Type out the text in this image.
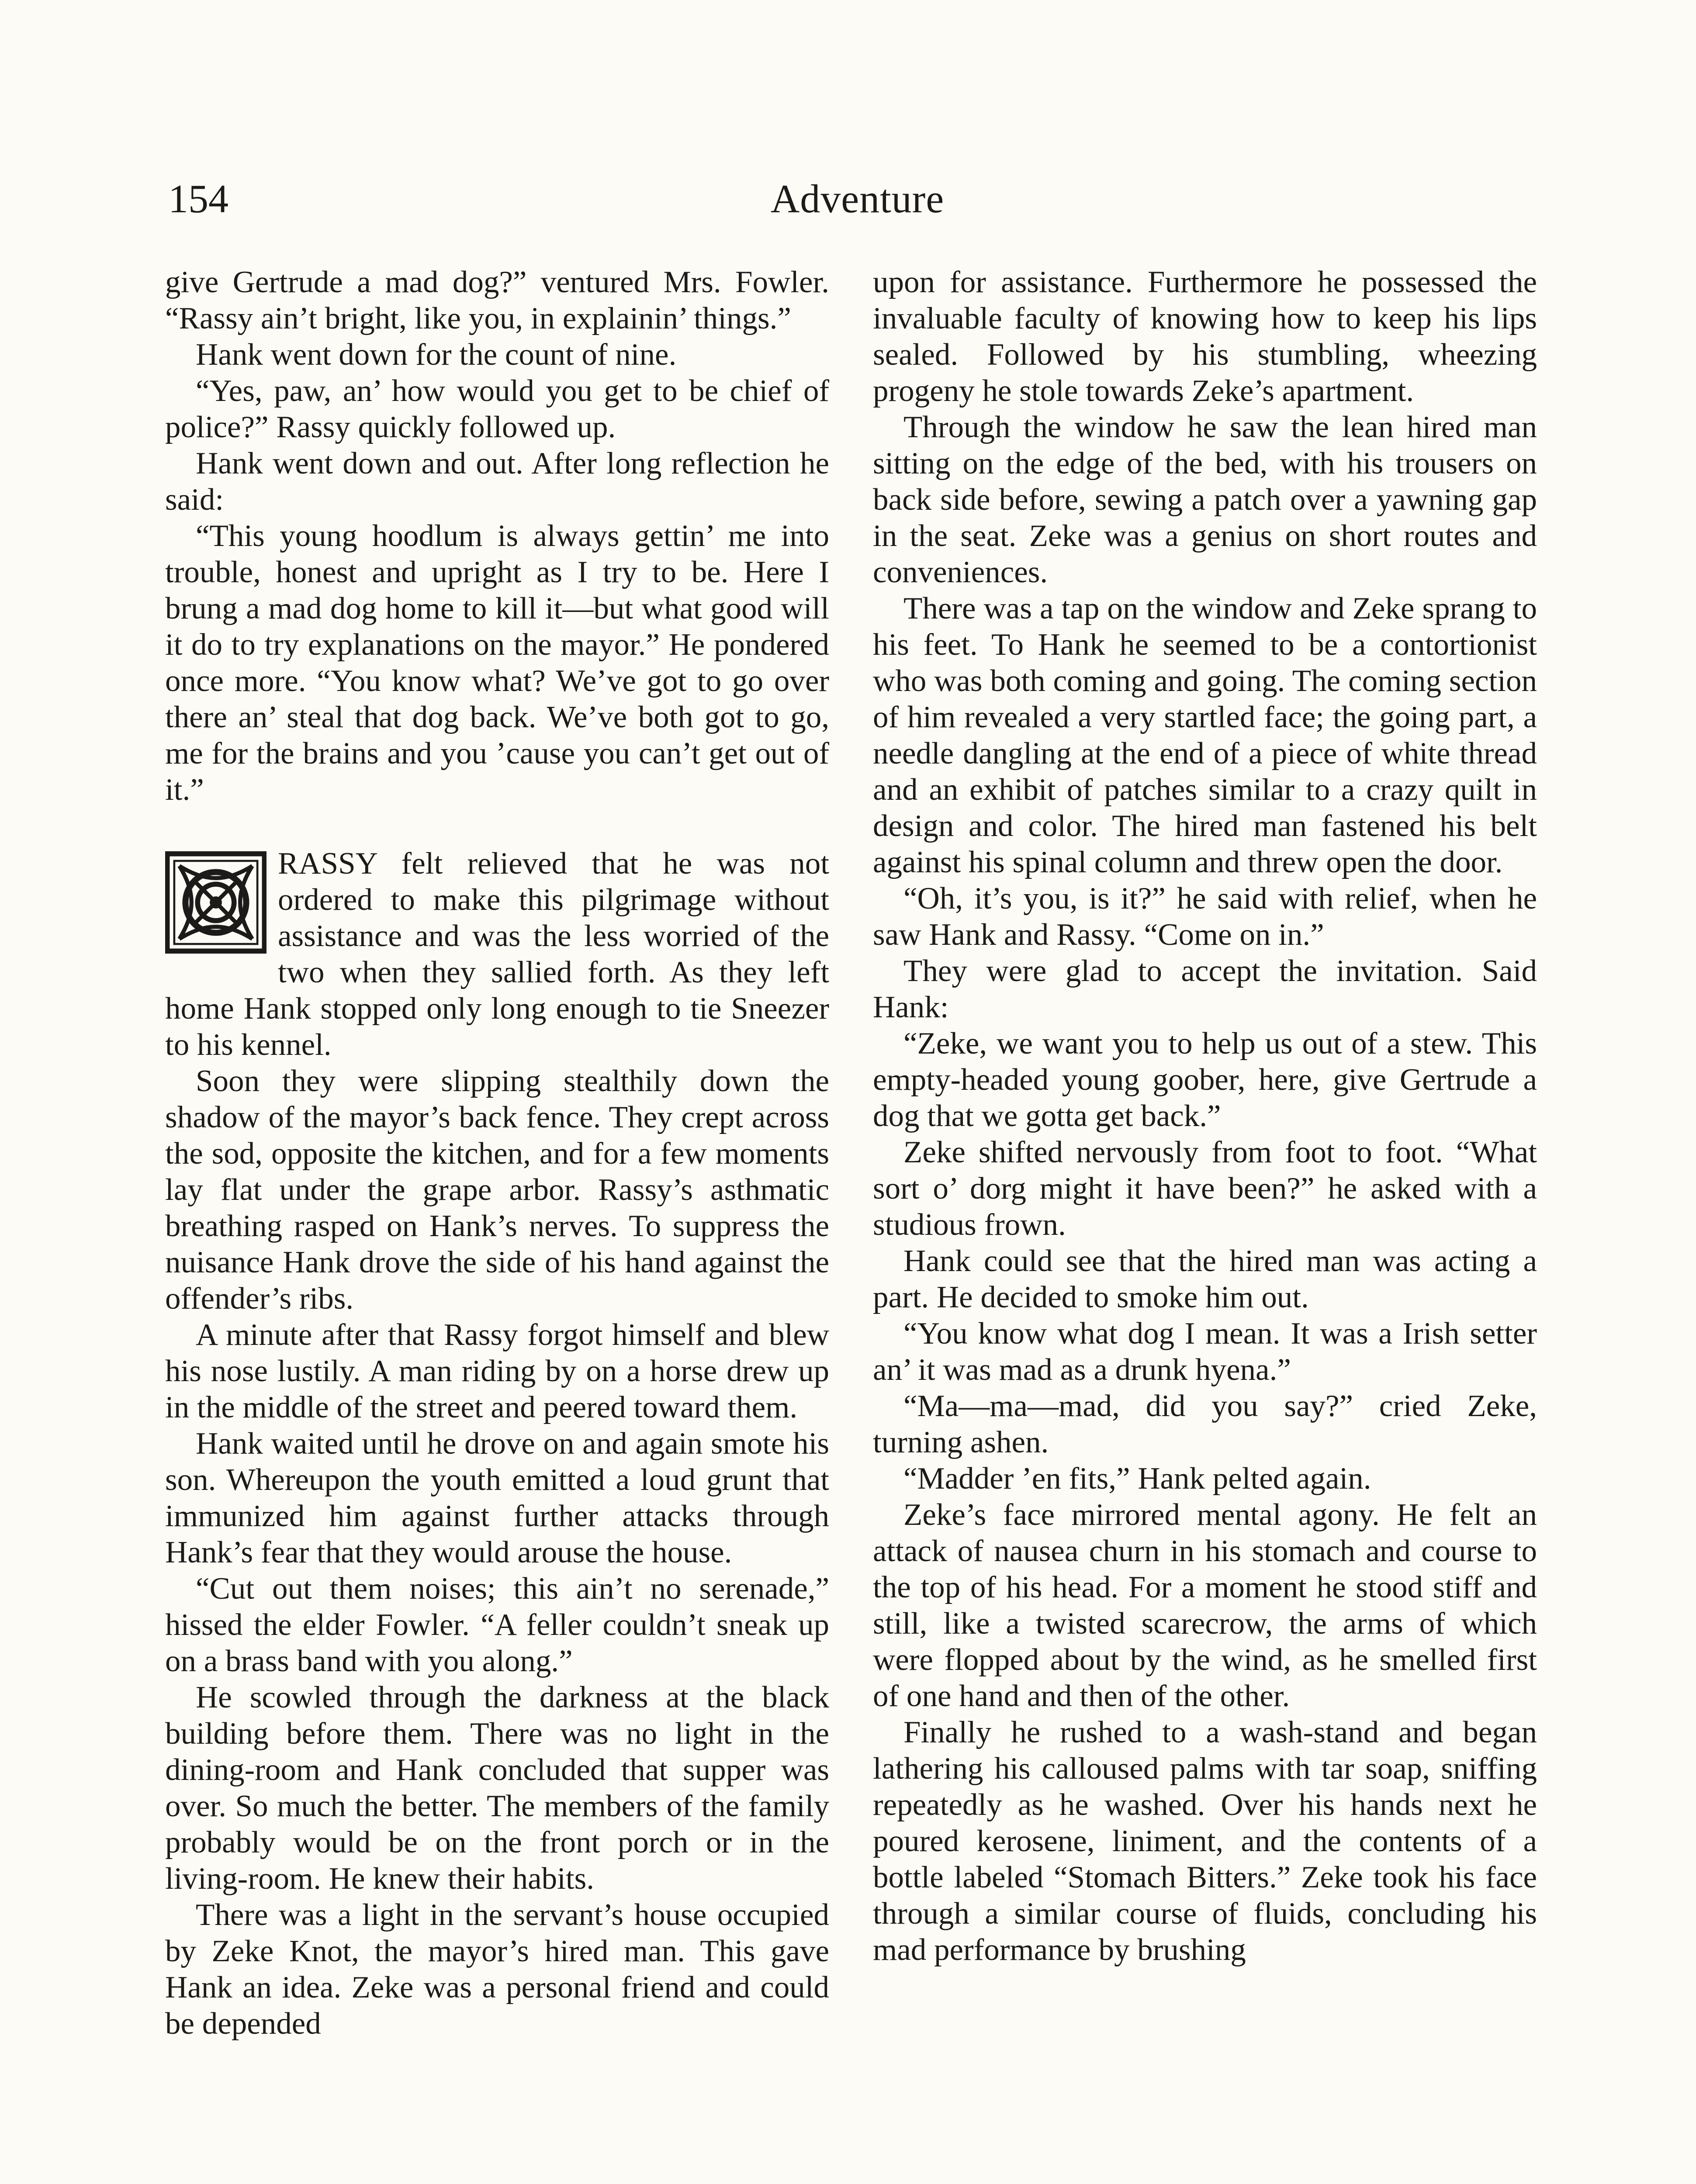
154	Adventure

give Gertrude a mad dog?” ventured Mrs. Fowler. “Rassy ain’t bright, like you, in explainin’ things.”

Hank went down for the count of nine.

“Yes, paw, an’ how would you get to be chief of police?” Rassy quickly followed up.

Hank went down and out. After long reflection he said:

“This young hoodlum is always gettin’ me into trouble, honest and upright as I try to be. Here I brung a mad dog home to kill it—but what good will it do to try explanations on the mayor.” He pondered once more. “You know what? We’ve got to go over there an’ steal that dog back. We’ve both got to go, me for the brains and you ’cause you can’t get out of it.”

RASSY felt relieved that he was not ordered to make this pilgrimage without assistance and was the less worried of the two when they sallied forth. As they left home Hank stopped only long enough to tie Sneezer to his kennel.

Soon they were slipping stealthily down the shadow of the mayor’s back fence. They crept across the sod, opposite the kitchen, and for a few moments lay flat under the grape arbor. Rassy’s asthmatic breathing rasped on Hank’s nerves. To suppress the nuisance Hank drove the side of his hand against the offender’s ribs.

A minute after that Rassy forgot himself and blew his nose lustily. A man riding by on a horse drew up in the middle of the street and peered toward them.

Hank waited until he drove on and again smote his son. Whereupon the youth emitted a loud grunt that immunized him against further attacks through Hank’s fear that they would arouse the house.

“Cut out them noises; this ain’t no serenade,” hissed the elder Fowler. “A feller couldn’t sneak up on a brass band with you along.”

He scowled through the darkness at the black building before them. There was no light in the dining-room and Hank concluded that supper was over. So much the better. The members of the family probably would be on the front porch or in the living-room. He knew their habits.

There was a light in the servant’s house occupied by Zeke Knot, the mayor’s hired man. This gave Hank an idea. Zeke was a personal friend and could be depended

upon for assistance. Furthermore he possessed the invaluable faculty of knowing how to keep his lips sealed. Followed by his stumbling, wheezing progeny he stole towards Zeke’s apartment.

Through the window he saw the lean hired man sitting on the edge of the bed, with his trousers on back side before, sewing a patch over a yawning gap in the seat. Zeke was a genius on short routes and conveniences.

There was a tap on the window and Zeke sprang to his feet. To Hank he seemed to be a contortionist who was both coming and going. The coming section of him revealed a very startled face; the going part, a needle dangling at the end of a piece of white thread and an exhibit of patches similar to a crazy quilt in design and color. The hired man fastened his belt against his spinal column and threw open the door.

“Oh, it’s you, is it?” he said with relief, when he saw Hank and Rassy. “Come on in.”

They were glad to accept the invitation. Said Hank:

“Zeke, we want you to help us out of a stew. This empty-headed young goober, here, give Gertrude a dog that we gotta get back.”

Zeke shifted nervously from foot to foot. “What sort o’ dorg might it have been?” he asked with a studious frown.

Hank could see that the hired man was acting a part. He decided to smoke him out.

“You know what dog I mean. It was a Irish setter an’ it was mad as a drunk hyena.”

“Ma—ma—mad, did you say?” cried Zeke, turning ashen.

“Madder ’en fits,” Hank pelted again.

Zeke’s face mirrored mental agony. He felt an attack of nausea churn in his stomach and course to the top of his head. For a moment he stood stiff and still, like a twisted scarecrow, the arms of which were flopped about by the wind, as he smelled first of one hand and then of the other.

Finally he rushed to a wash-stand and began lathering his calloused palms with tar soap, sniffing repeatedly as he washed. Over his hands next he poured kerosene, liniment, and the contents of a bottle labeled “Stomach Bitters.” Zeke took his face through a similar course of fluids, concluding his mad performance by brushing
